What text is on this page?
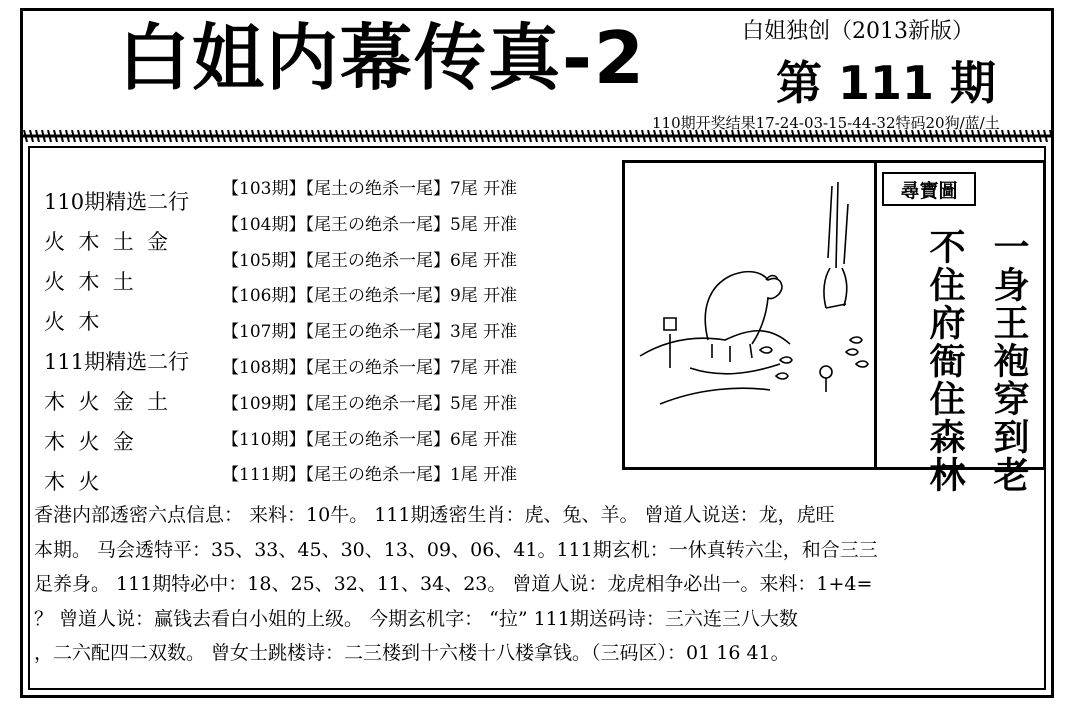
白姐内幕传真-2	白姐独创（2013新版）
第 111 期
110期开奖结果17-24-03-15-44-32特码20狗/蓝/土
110期精选二行
火  木  土  金
火  木  土
火  木
111期精选二行
木  火  金  土
木  火  金
木  火
【103期】【尾土の绝杀一尾】7尾 开准
【104期】【尾王の绝杀一尾】5尾 开准
【105期】【尾王の绝杀一尾】6尾 开准
【106期】【尾王の绝杀一尾】9尾 开准
【107期】【尾王の绝杀一尾】3尾 开准
【108期】【尾王の绝杀一尾】7尾 开准
【109期】【尾王の绝杀一尾】5尾 开准
【110期】【尾王の绝杀一尾】6尾 开准
【111期】【尾王の绝杀一尾】1尾 开准
尋寶圖
一身王袍穿到老
不住府衙住森林
香港内部透密六点信息： 来料：10牛。 111期透密生肖：虎、兔、羊。 曾道人说送：龙，虎旺
本期。 马会透特平：35、33、45、30、13、09、06、41。111期玄机：一休真转六尘，和合三三
足养身。 111期特必中：18、25、32、11、34、23。 曾道人说：龙虎相争必出一。来料：1+4=
？ 曾道人说：赢钱去看白小姐的上级。 今期玄机字： “拉” 111期送码诗：三六连三八大数
，二六配四二双数。 曾女士跳楼诗：二三楼到十六楼十八楼拿钱。（三码区）：01 16 41。
